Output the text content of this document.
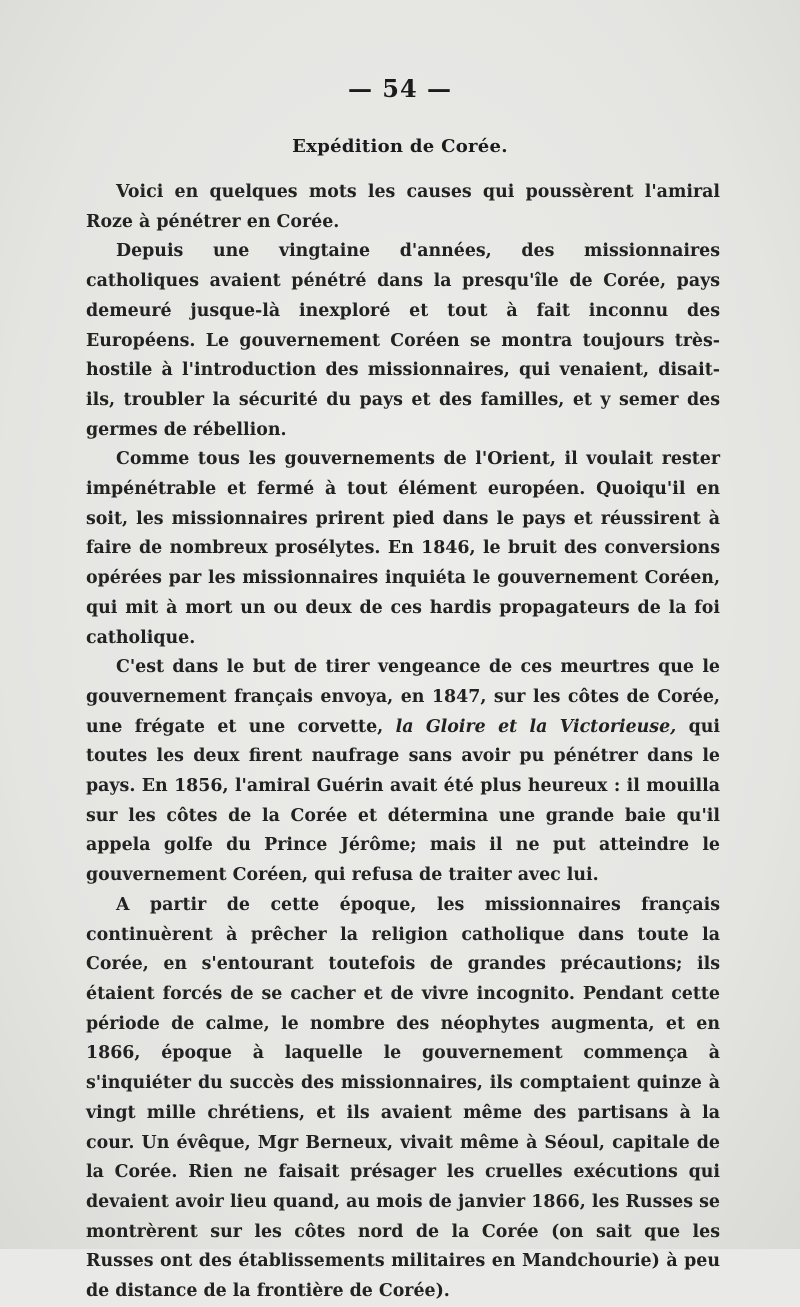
— 54 —
Expédition de Corée.

Voici en quelques mots les causes qui poussèrent l'amiral Roze à pénétrer en Corée.

Depuis une vingtaine d'années, des missionnaires catholiques avaient pénétré dans la presqu'île de Corée, pays demeuré jusque-là inexploré et tout à fait inconnu des Européens. Le gouvernement Coréen se montra toujours très-hostile à l'introduction des missionnaires, qui venaient, disait-ils, troubler la sécurité du pays et des familles, et y semer des germes de rébellion.

Comme tous les gouvernements de l'Orient, il voulait rester impénétrable et fermé à tout élément européen. Quoiqu'il en soit, les missionnaires prirent pied dans le pays et réussirent à faire de nombreux prosélytes. En 1846, le bruit des conversions opérées par les missionnaires inquiéta le gouvernement Coréen, qui mit à mort un ou deux de ces hardis propagateurs de la foi catholique.

C'est dans le but de tirer vengeance de ces meurtres que le gouvernement français envoya, en 1847, sur les côtes de Corée, une frégate et une corvette, la Gloire et la Victorieuse, qui toutes les deux firent naufrage sans avoir pu pénétrer dans le pays. En 1856, l'amiral Guérin avait été plus heureux : il mouilla sur les côtes de la Corée et détermina une grande baie qu'il appela golfe du Prince Jérôme; mais il ne put atteindre le gouvernement Coréen, qui refusa de traiter avec lui.

A partir de cette époque, les missionnaires français continuèrent à prêcher la religion catholique dans toute la Corée, en s'entourant toutefois de grandes précautions; ils étaient forcés de se cacher et de vivre incognito. Pendant cette période de calme, le nombre des néophytes augmenta, et en 1866, époque à laquelle le gouvernement commença à s'inquiéter du succès des missionnaires, ils comptaient quinze à vingt mille chrétiens, et ils avaient même des partisans à la cour. Un évêque, Mgr Berneux, vivait même à Séoul, capitale de la Corée. Rien ne faisait présager les cruelles exécutions qui devaient avoir lieu quand, au mois de janvier 1866, les Russes se montrèrent sur les côtes nord de la Corée (on sait que les Russes ont des établissements militaires en Mandchourie) à peu de distance de la frontière de Corée).
